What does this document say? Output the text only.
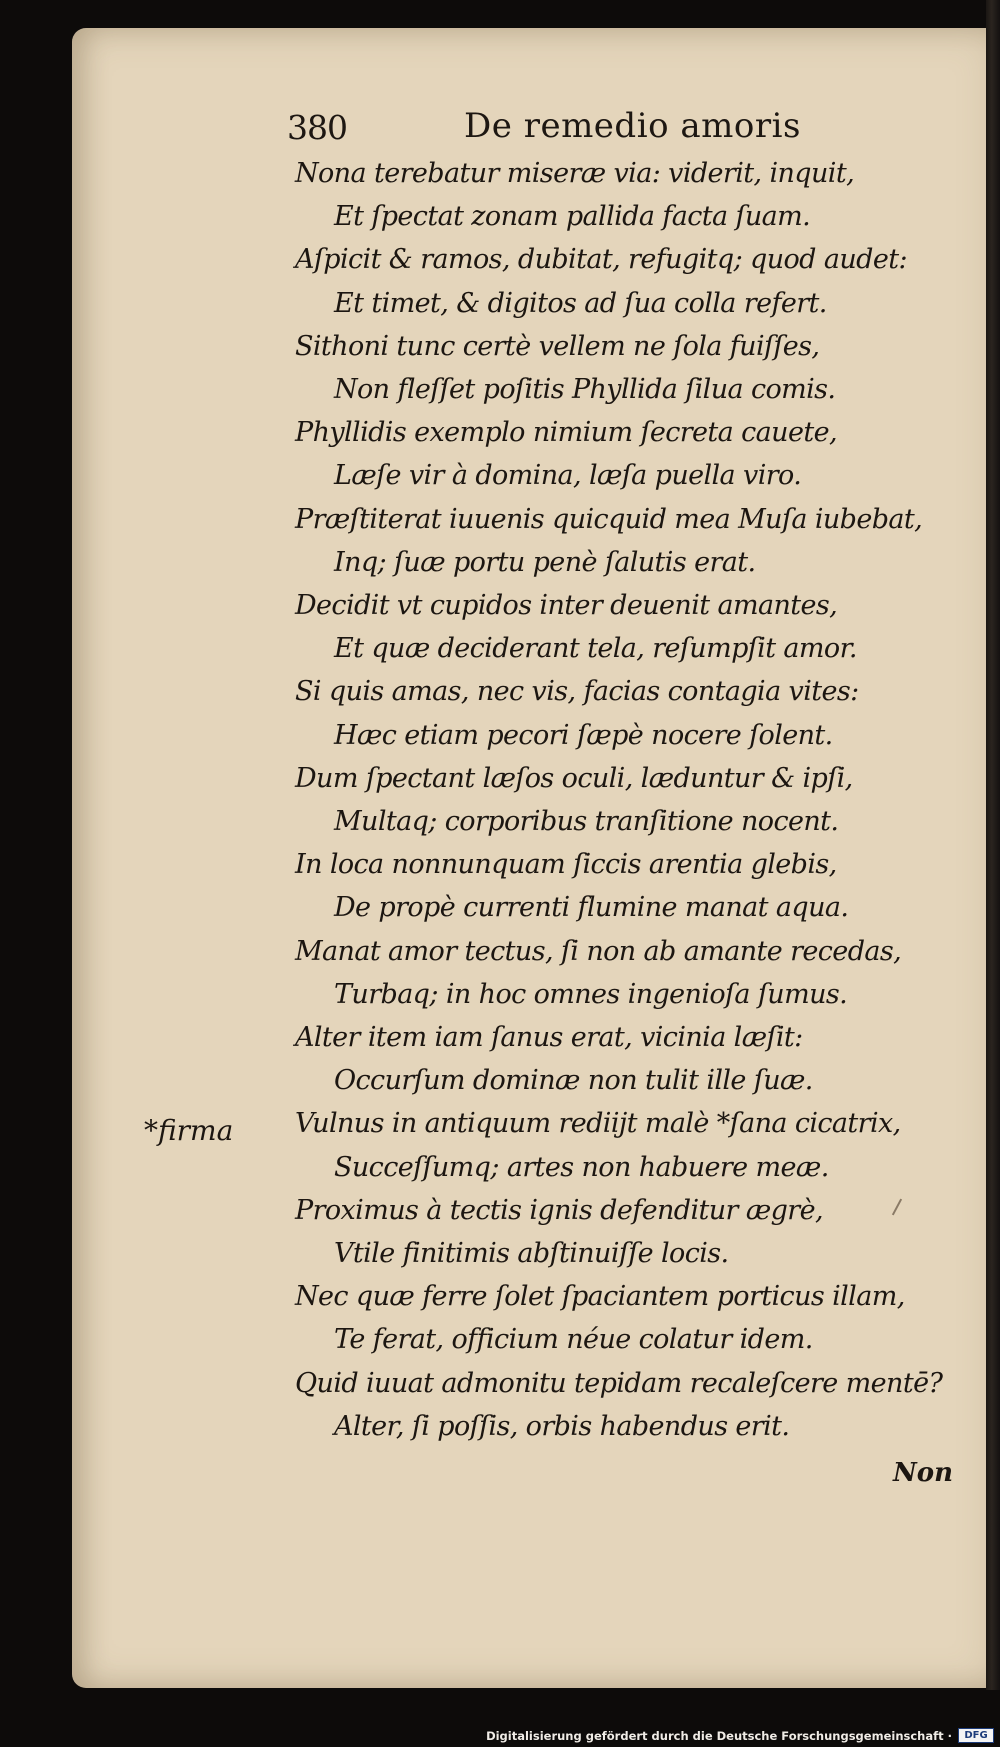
380	De remedio amoris
Nona terebatur miseræ via: viderit, inquit,
Et ſpectat zonam pallida facta ſuam.
Aſpicit & ramos, dubitat, refugitq; quod audet:
Et timet, & digitos ad ſua colla refert.
Sithoni tunc certè vellem ne ſola fuiſſes,
Non fleſſet poſitis Phyllida ſilua comis.
Phyllidis exemplo nimium ſecreta cauete,
Læſe vir à domina, læſa puella viro.
Præſtiterat iuuenis quicquid mea Muſa iubebat,
Inq; ſuæ portu penè ſalutis erat.
Decidit vt cupidos inter deuenit amantes,
Et quæ deciderant tela, reſumpſit amor.
Si quis amas, nec vis, facias contagia vites:
Hæc etiam pecori ſæpè nocere ſolent.
Dum ſpectant læſos oculi, læduntur & ipſi,
Multaq; corporibus tranſitione nocent.
In loca nonnunquam ſiccis arentia glebis,
De propè currenti flumine manat aqua.
Manat amor tectus, ſi non ab amante recedas,
Turbaq; in hoc omnes ingenioſa ſumus.
Alter item iam ſanus erat, vicinia læſit:
Occurſum dominæ non tulit ille ſuæ.
Vulnus in antiquum rediijt malè *ſana cicatrix,
Succeſſumq; artes non habuere meæ.
Proximus à tectis ignis defenditur ægrè,
Vtile finitimis abſtinuiſſe locis.
Nec quæ ferre ſolet ſpaciantem porticus illam,
Te ferat, officium néue colatur idem.
Quid iuuat admonitu tepidam recaleſcere mentē?
Alter, ſi poſſis, orbis habendus erit.
*firma
Non
Digitalisierung gefördert durch die Deutsche Forschungsgemeinschaft ·	DFG
